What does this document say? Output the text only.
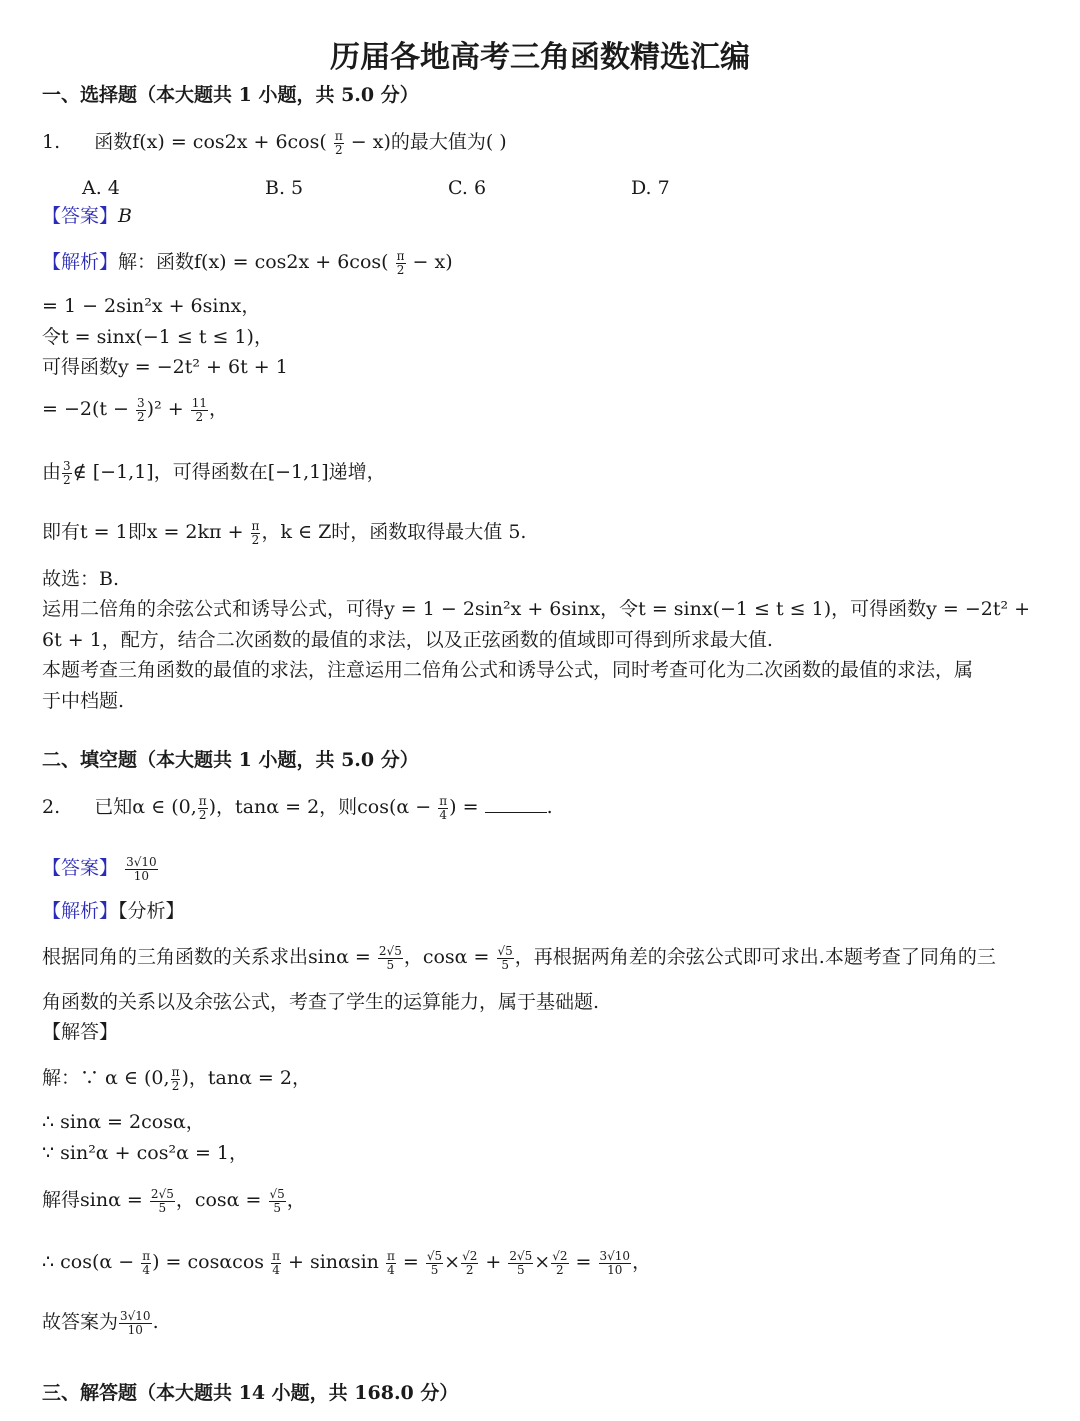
历届各地高考三角函数精选汇编
一、选择题（本大题共 1 小题，共 5.0 分）
1. 函数$f(x) = \cos 2x + 6\cos( \frac{\pi}{2} - x)$的最大值为( )
A. 4	B. 5	C. 6	D. 7
【答案】B
【解析】解：函数$f(x) = \cos 2x + 6\cos( \frac{\pi}{2} - x)$
= 1 − 2sin²x + 6sinx，
令t = sinx(−1 ≤ t ≤ 1)，
可得函数y = −2t² + 6t + 1
= $-2(t - \frac{3}{2} )^2 + \frac{11}{2}$ ，
由 $\frac{3}{2}$ ∉ [−1,1]，可得函数在[−1,1]递增，
即有t = 1即$x = 2k\pi + \frac{\pi}{2}$ ，k ∈ Z时，函数取得最大值 5.
故选：B.
运用二倍角的余弦公式和诱导公式，可得y = 1 − 2sin²x + 6sinx，令t = sinx(−1 ≤ t ≤ 1)，可得函数y = −2t² +
6t + 1，配方，结合二次函数的最值的求法，以及正弦函数的值域即可得到所求最大值.
本题考查三角函数的最值的求法，注意运用二倍角公式和诱导公式，同时考查可化为二次函数的最值的求法，属
于中档题.
二、填空题（本大题共 1 小题，共 5.0 分）
2. 已知α ∈ (0, $\frac{\pi}{2}$ )，tanα = 2，则$\cos(\alpha - \frac{\pi}{4}$ ) =	.
【答案】 $\frac{3√10}{10}$
【解析】【分析】
根据同角的三角函数的关系求出$\sin\alpha = \frac{2√5}{5}$ ，$\cos\alpha = \frac{√5}{5}$ ，再根据两角差的余弦公式即可求出.本题考查了同角的三
角函数的关系以及余弦公式，考查了学生的运算能力，属于基础题.
【解答】
解：∵ α ∈ (0, $\frac{\pi}{2}$ )，tanα = 2，
∴ sinα = 2cosα，
∵ sin²α + cos²α = 1，
解得$\sin\alpha = \frac{2√5}{5}$ ，$\cos\alpha = \frac{√5}{5}$ ，
∴ $\cos(\alpha - \frac{\pi}{4}$ ) = cosαcos $\frac{\pi}{4} + \sin\alpha\sin \frac{\pi}{4} = \frac{√5}{5} \times \frac{√2}{2} + \frac{2√5}{5} \times \frac{√2}{2} = \frac{3√10}{10}$ ，
故答案为 $\frac{3√10}{10}$ .
三、解答题（本大题共 14 小题，共 168.0 分）
